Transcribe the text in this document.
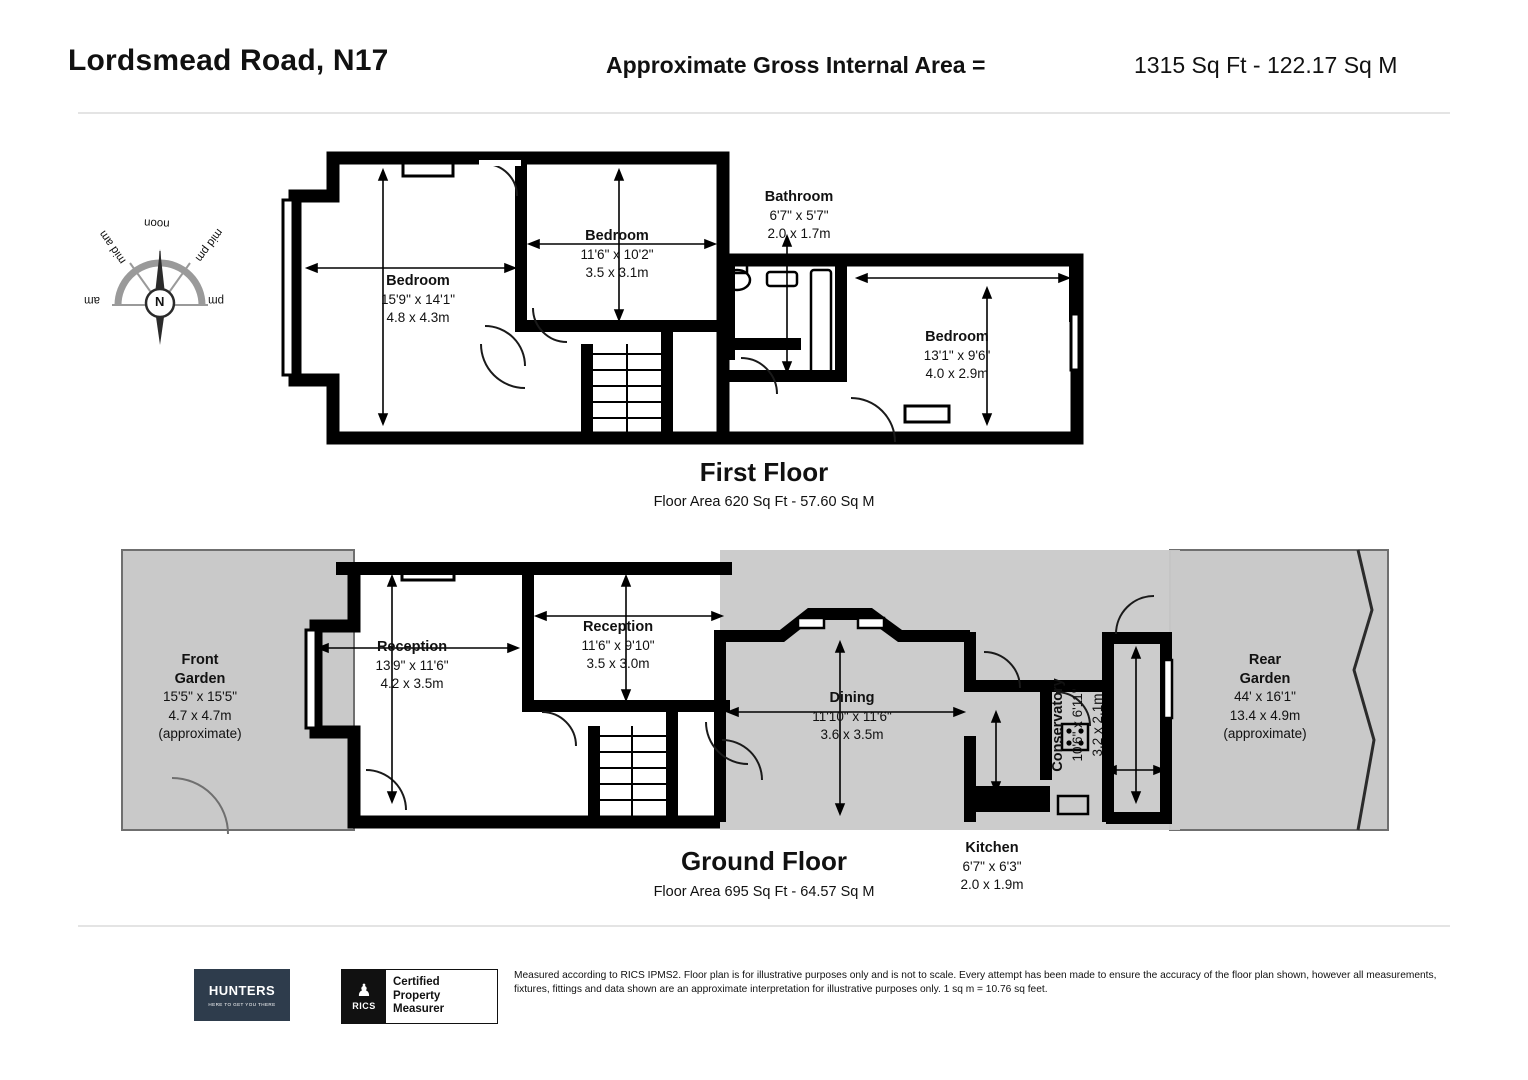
Lordsmead Road, N17	Approximate Gross Internal Area =	1315 Sq Ft - 122.17 Sq M
N
mid am
noon
mid pm
am	pm
Bedroom
15'9" x 14'1"
4.8 x 4.3m
Bedroom
11'6" x 10'2"
3.5 x 3.1m
Bathroom
6'7" x 5'7"
2.0 x 1.7m
Bedroom
13'1" x 9'6"
4.0 x 2.9m
First Floor
Floor Area 620 Sq Ft - 57.60 Sq M
Front
Garden
15'5" x 15'5"
4.7 x 4.7m
(approximate)
Reception
13'9" x 11'6"
4.2 x 3.5m
Reception
11'6" x 9'10"
3.5 x 3.0m
Dining
11'10" x 11'6"
3.6 x 3.5m
Kitchen
6'7" x 6'3"
2.0 x 1.9m
Conservatory 10'6" x 6'11" 3.2 x 2.1m
Rear
Garden
44' x 16'1"
13.4 x 4.9m
(approximate)
Ground Floor
Floor Area 695 Sq Ft - 64.57 Sq M
HUNTERS
HERE TO GET YOU THERE
♟
RICS
Certified
Property
Measurer
Measured according to RICS IPMS2. Floor plan is for illustrative purposes only and is not to scale. Every attempt has been made to ensure the accuracy of the floor plan shown, however all measurements, fixtures, fittings and data shown are an approximate interpretation for illustrative purposes only. 1 sq m = 10.76 sq feet.
